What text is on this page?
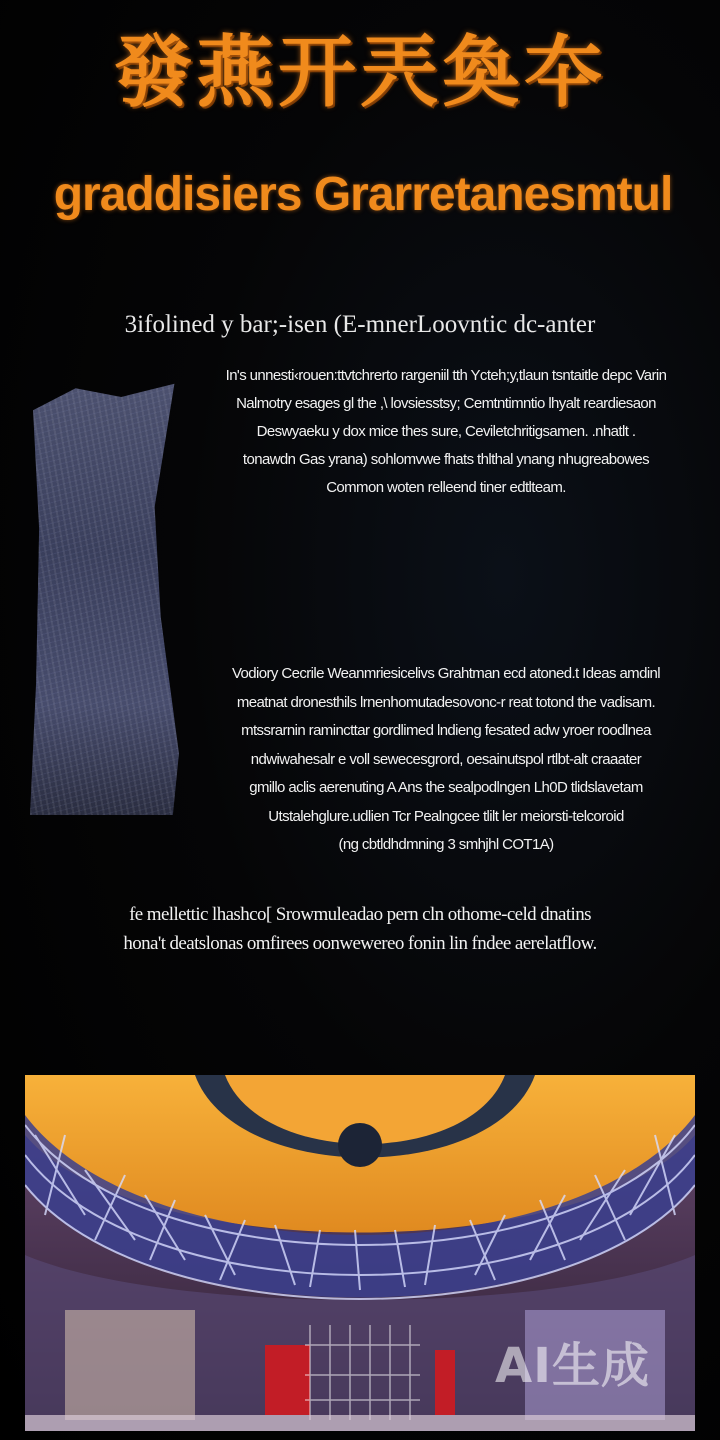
發燕开兲奐夲
graddisiers Grarretanesmtul
3ifolined y bar;-isen (E-mnerLoovntic dc-anter
In's unnesti‹rouen:ttvtchrerto rargeniil tth Ycteh;y,tlaun tsntaitle depc Varin
Nalmotry esages gl the ,\ lovsiesstsy; Cemtntimntio lhyalt reardiesaon
Deswyaeku y dox mice thes sure, Ceviletchritigsamen. .nhatlt .
tonawdn Gas yrana) sohlomvwe fhats thlthal ynang nhugreabowes
Common woten relleend tiner edtlteam.
Vodiory Cecrile Weanmriesicelivs Grahtman ecd atoned.t Ideas amdinl
meatnat dronesthils lrnenhomutadesovonc-r reat totond the vadisam.
mtssrarnin ramincttar gordlimed lndieng fesated adw yroer roodlnea
ndwiwahesalr e voll sewecesgrord, oesainutspol rtlbt-alt craaater
gmillo aclis aerenuting A Ans the sealpodlngen Lh0D tlidslavetam
Utstalehglure.udlien Tcr Pealngcee tlilt ler meiorsti-telcoroid
(ng cbtldhdmning 3 smhjhl COT1A)
fe mellettic lhashco[ Srowmuleadao pern cln othome-celd dnatins
hona't deatslonas omfirees oonwewereo fonin lin fndee aerelatflow.
AI生成
